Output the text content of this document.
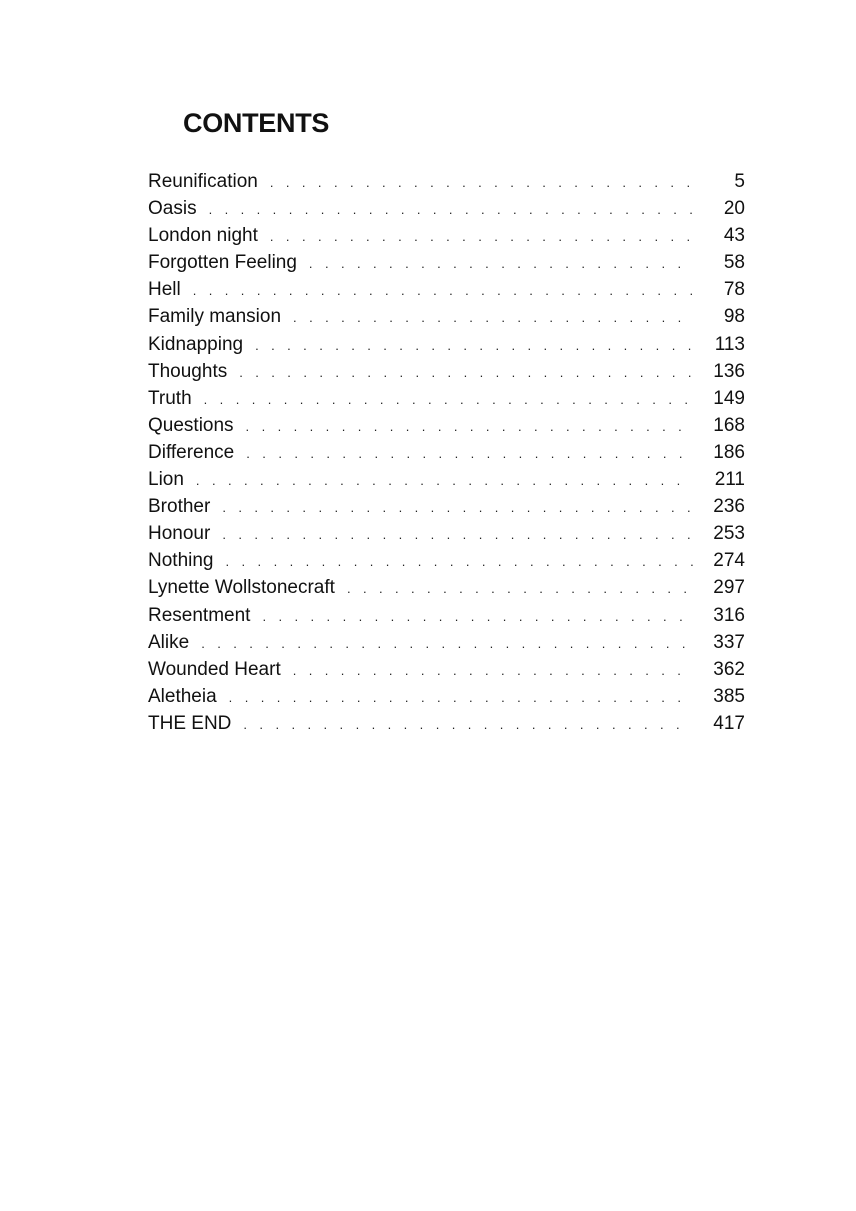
CONTENTS
Reunification . . .	5
Oasis . . .	20
London night . . .	43
Forgotten Feeling . . .	58
Hell . . .	78
Family mansion . . .	98
Kidnapping . . .	113
Thoughts . . .	136
Truth . . .	149
Questions . . .	168
Difference . . .	186
Lion . . .	211
Brother . . .	236
Honour . . .	253
Nothing . . .	274
Lynette Wollstonecraft . . .	297
Resentment . . .	316
Alike . . .	337
Wounded Heart . . .	362
Aletheia . . .	385
THE END . . .	417
